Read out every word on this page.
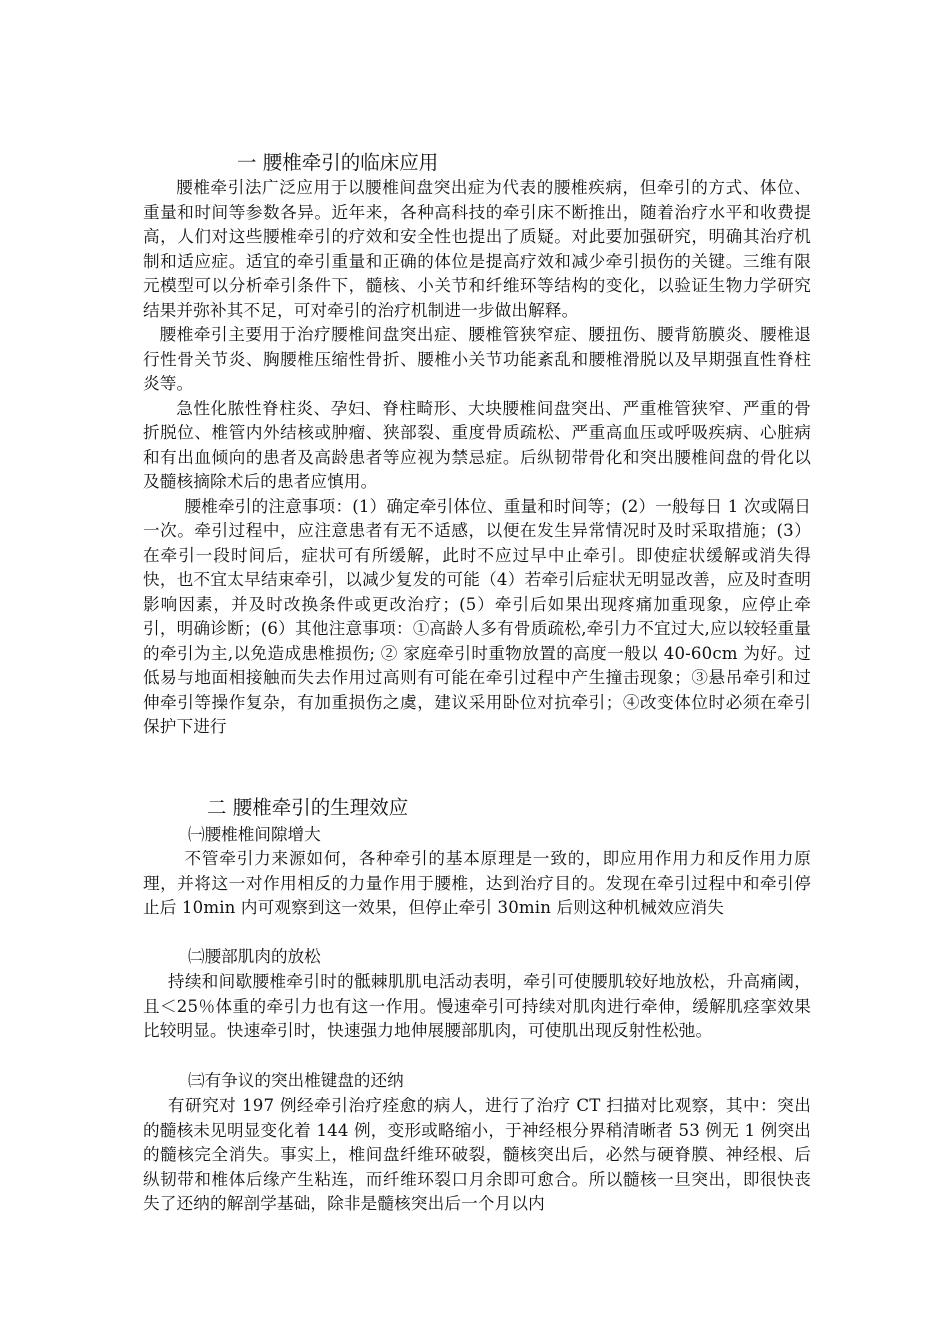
一 腰椎牵引的临床应用

腰椎牵引法广泛应用于以腰椎间盘突出症为代表的腰椎疾病，但牵引的方式、体位、重量和时间等参数各异。近年来，各种高科技的牵引床不断推出，随着治疗水平和收费提高，人们对这些腰椎牵引的疗效和安全性也提出了质疑。对此要加强研究，明确其治疗机制和适应症。适宜的牵引重量和正确的体位是提高疗效和减少牵引损伤的关键。三维有限元模型可以分析牵引条件下，髓核、小关节和纤维环等结构的变化，以验证生物力学研究结果并弥补其不足，可对牵引的治疗机制进一步做出解释。

腰椎牵引主要用于治疗腰椎间盘突出症、腰椎管狭窄症、腰扭伤、腰背筋膜炎、腰椎退行性骨关节炎、胸腰椎压缩性骨折、腰椎小关节功能紊乱和腰椎滑脱以及早期强直性脊柱炎等。

急性化脓性脊柱炎、孕妇、脊柱畸形、大块腰椎间盘突出、严重椎管狭窄、严重的骨折脱位、椎管内外结核或肿瘤、狭部裂、重度骨质疏松、严重高血压或呼吸疾病、心脏病和有出血倾向的患者及高龄患者等应视为禁忌症。后纵韧带骨化和突出腰椎间盘的骨化以及髓核摘除术后的患者应慎用。

腰椎牵引的注意事项：(1）确定牵引体位、重量和时间等；(2）一般每日 1 次或隔日一次。牵引过程中，应注意患者有无不适感，以便在发生异常情况时及时采取措施；(3）在牵引一段时间后，症状可有所缓解，此时不应过早中止牵引。即使症状缓解或消失得快，也不宜太早结束牵引，以减少复发的可能（4）若牵引后症状无明显改善，应及时查明影响因素，并及时改换条件或更改治疗；(5）牵引后如果出现疼痛加重现象，应停止牵引，明确诊断；(6）其他注意事项：①高龄人多有骨质疏松,牵引力不宜过大,应以较轻重量的牵引为主,以免造成患椎损伤; ② 家庭牵引时重物放置的高度一般以 40-60cm 为好。过低易与地面相接触而失去作用过高则有可能在牵引过程中产生撞击现象；③悬吊牵引和过伸牵引等操作复杂，有加重损伤之虞，建议采用卧位对抗牵引；④改变体位时必须在牵引保护下进行

二 腰椎牵引的生理效应
㈠腰椎椎间隙增大

不管牵引力来源如何，各种牵引的基本原理是一致的，即应用作用力和反作用力原理，并将这一对作用相反的力量作用于腰椎，达到治疗目的。发现在牵引过程中和牵引停止后 10min 内可观察到这一效果，但停止牵引 30min 后则这种机械效应消失

㈡腰部肌肉的放松

持续和间歇腰椎牵引时的骶棘肌肌电活动表明，牵引可使腰肌较好地放松，升高痛阈，且＜25％体重的牵引力也有这一作用。慢速牵引可持续对肌肉进行牵伸，缓解肌痉挛效果比较明显。快速牵引时，快速强力地伸展腰部肌肉，可使肌出现反射性松弛。

㈢有争议的突出椎键盘的还纳

有研究对 197 例经牵引治疗痊愈的病人，进行了治疗 CT 扫描对比观察，其中：突出的髓核未见明显变化着 144 例，变形或略缩小，于神经根分界稍清晰者 53 例无 1 例突出的髓核完全消失。事实上，椎间盘纤维环破裂，髓核突出后，必然与硬脊膜、神经根、后纵韧带和椎体后缘产生粘连，而纤维环裂口月余即可愈合。所以髓核一旦突出，即很快丧失了还纳的解剖学基础，除非是髓核突出后一个月以内
